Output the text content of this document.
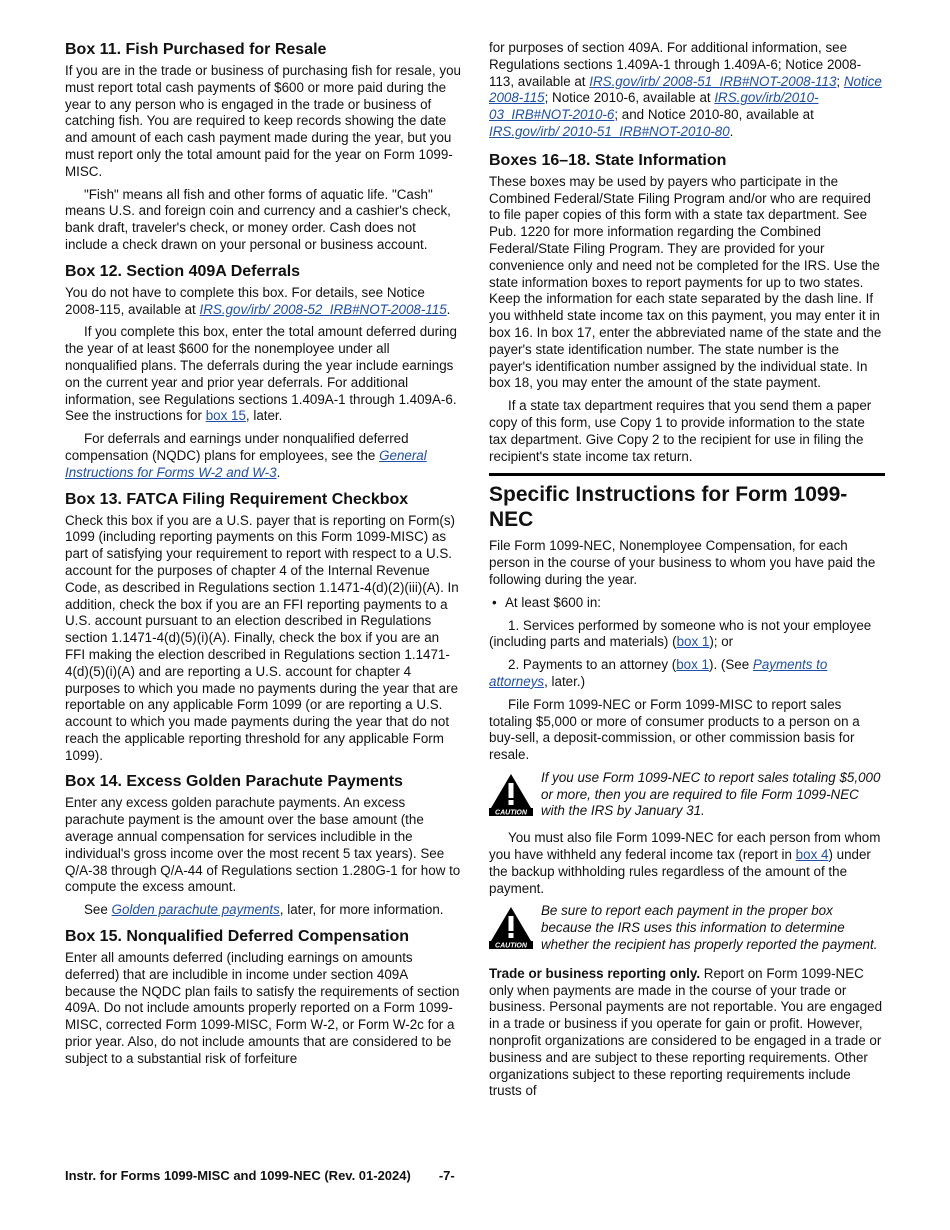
Box 11. Fish Purchased for Resale

If you are in the trade or business of purchasing fish for resale, you must report total cash payments of $600 or more paid during the year to any person who is engaged in the trade or business of catching fish. You are required to keep records showing the date and amount of each cash payment made during the year, but you must report only the total amount paid for the year on Form 1099-MISC.

"Fish" means all fish and other forms of aquatic life. "Cash" means U.S. and foreign coin and currency and a cashier's check, bank draft, traveler's check, or money order. Cash does not include a check drawn on your personal or business account.

Box 12. Section 409A Deferrals

You do not have to complete this box. For details, see Notice 2008-115, available at IRS.gov/irb/ 2008-52_IRB#NOT-2008-115.

If you complete this box, enter the total amount deferred during the year of at least $600 for the nonemployee under all nonqualified plans. The deferrals during the year include earnings on the current year and prior year deferrals. For additional information, see Regulations sections 1.409A-1 through 1.409A-6. See the instructions for box 15, later.

For deferrals and earnings under nonqualified deferred compensation (NQDC) plans for employees, see the General Instructions for Forms W-2 and W-3.

Box 13. FATCA Filing Requirement Checkbox

Check this box if you are a U.S. payer that is reporting on Form(s) 1099 (including reporting payments on this Form 1099-MISC) as part of satisfying your requirement to report with respect to a U.S. account for the purposes of chapter 4 of the Internal Revenue Code, as described in Regulations section 1.1471-4(d)(2)(iii)(A). In addition, check the box if you are an FFI reporting payments to a U.S. account pursuant to an election described in Regulations section 1.1471-4(d)(5)(i)(A). Finally, check the box if you are an FFI making the election described in Regulations section 1.1471-4(d)(5)(i)(A) and are reporting a U.S. account for chapter 4 purposes to which you made no payments during the year that are reportable on any applicable Form 1099 (or are reporting a U.S. account to which you made payments during the year that do not reach the applicable reporting threshold for any applicable Form 1099).

Box 14. Excess Golden Parachute Payments

Enter any excess golden parachute payments. An excess parachute payment is the amount over the base amount (the average annual compensation for services includible in the individual's gross income over the most recent 5 tax years). See Q/A-38 through Q/A-44 of Regulations section 1.280G-1 for how to compute the excess amount.

See Golden parachute payments, later, for more information.

Box 15. Nonqualified Deferred Compensation

Enter all amounts deferred (including earnings on amounts deferred) that are includible in income under section 409A because the NQDC plan fails to satisfy the requirements of section 409A. Do not include amounts properly reported on a Form 1099-MISC, corrected Form 1099-MISC, Form W-2, or Form W-2c for a prior year. Also, do not include amounts that are considered to be subject to a substantial risk of forfeiture

for purposes of section 409A. For additional information, see Regulations sections 1.409A-1 through 1.409A-6; Notice 2008-113, available at IRS.gov/irb/ 2008-51_IRB#NOT-2008-113; Notice 2008-115; Notice 2010-6, available at IRS.gov/irb/2010-03_IRB#NOT-2010-6; and Notice 2010-80, available at IRS.gov/irb/ 2010-51_IRB#NOT-2010-80.

Boxes 16–18. State Information

These boxes may be used by payers who participate in the Combined Federal/State Filing Program and/or who are required to file paper copies of this form with a state tax department. See Pub. 1220 for more information regarding the Combined Federal/State Filing Program. They are provided for your convenience only and need not be completed for the IRS. Use the state information boxes to report payments for up to two states. Keep the information for each state separated by the dash line. If you withheld state income tax on this payment, you may enter it in box 16. In box 17, enter the abbreviated name of the state and the payer's state identification number. The state number is the payer's identification number assigned by the individual state. In box 18, you may enter the amount of the state payment.

If a state tax department requires that you send them a paper copy of this form, use Copy 1 to provide information to the state tax department. Give Copy 2 to the recipient for use in filing the recipient's state income tax return.

Specific Instructions for Form 1099-NEC

File Form 1099-NEC, Nonemployee Compensation, for each person in the course of your business to whom you have paid the following during the year.

• At least $600 in:

1. Services performed by someone who is not your employee (including parts and materials) (box 1); or

2. Payments to an attorney (box 1). (See Payments to attorneys, later.)

File Form 1099-NEC or Form 1099-MISC to report sales totaling $5,000 or more of consumer products to a person on a buy-sell, a deposit-commission, or other commission basis for resale.

CAUTION

If you use Form 1099-NEC to report sales totaling $5,000 or more, then you are required to file Form 1099-NEC with the IRS by January 31.

You must also file Form 1099-NEC for each person from whom you have withheld any federal income tax (report in box 4) under the backup withholding rules regardless of the amount of the payment.

CAUTION

Be sure to report each payment in the proper box because the IRS uses this information to determine whether the recipient has properly reported the payment.

Trade or business reporting only. Report on Form 1099-NEC only when payments are made in the course of your trade or business. Personal payments are not reportable. You are engaged in a trade or business if you operate for gain or profit. However, nonprofit organizations are considered to be engaged in a trade or business and are subject to these reporting requirements. Other organizations subject to these reporting requirements include trusts of

Instr. for Forms 1099-MISC and 1099-NEC (Rev. 01-2024) -7-
